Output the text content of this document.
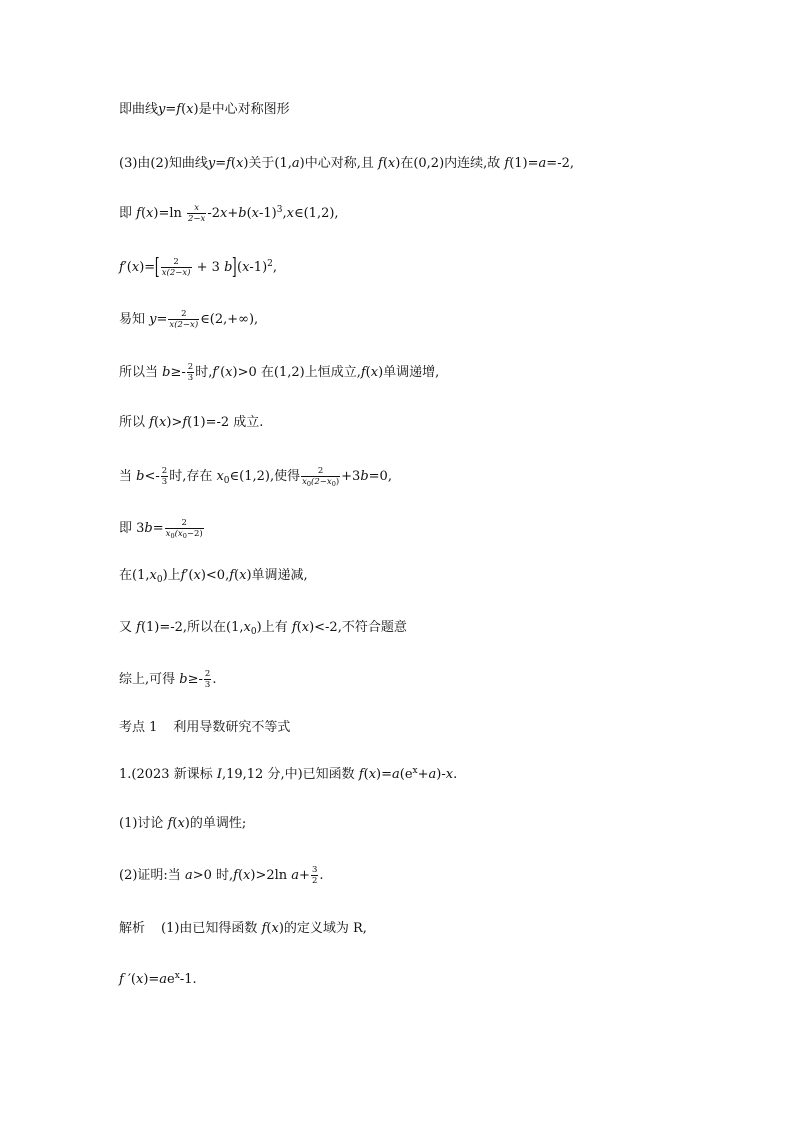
即曲线y=f(x)是中心对称图形
(3)由(2)知曲线y=f(x)关于(1,a)中心对称,且 f(x)在(0,2)内连续,故 f(1)=a=-2,
即 $f(x)=\ln \frac{x}{2-x}$ $-2x+b(x-1)^3,x\in(1,2)$,
$f'(x)=[ \frac{2}{x(2-x)} + 3$ $b](x-1)^2$,
易知 $y= \frac{2}{x(2-x)}$ ∈(2,+∞),
所以当 $b\ge- \frac{2}{3}$ 时,f′(x)>0 在(1,2)上恒成立,f(x)单调递增,
所以 f(x)>f(1)=-2 成立.
当 $b<- \frac{2}{3}$ 时,存在 $x_0\in(1,2)$,使得 $\frac{2}{x_0(2-x_0)} +3b=0$,
即 $3b= \frac{2}{x_0(x_0-2)}$
在$(1,x_0)$上f′(x)<0,f(x)单调递减,
又 f(1)=-2,所以在$(1,x_0)$上有 f(x)<-2,不符合题意
综上,可得 $b\ge- \frac{2}{3}$ .
考点 1 利用导数研究不等式
1.(2023 新课标 Ⅰ,19,12 分,中)已知函数 $f(x)=a(e^x+a)-x$.
(1)讨论 f(x)的单调性;
(2)证明:当 a>0 时,f(x)>2ln $a+ \frac{3}{2}$ .
解析 (1)由已知得函数 f(x)的定义域为 R,
f $'(x)=ae^x-1$.
